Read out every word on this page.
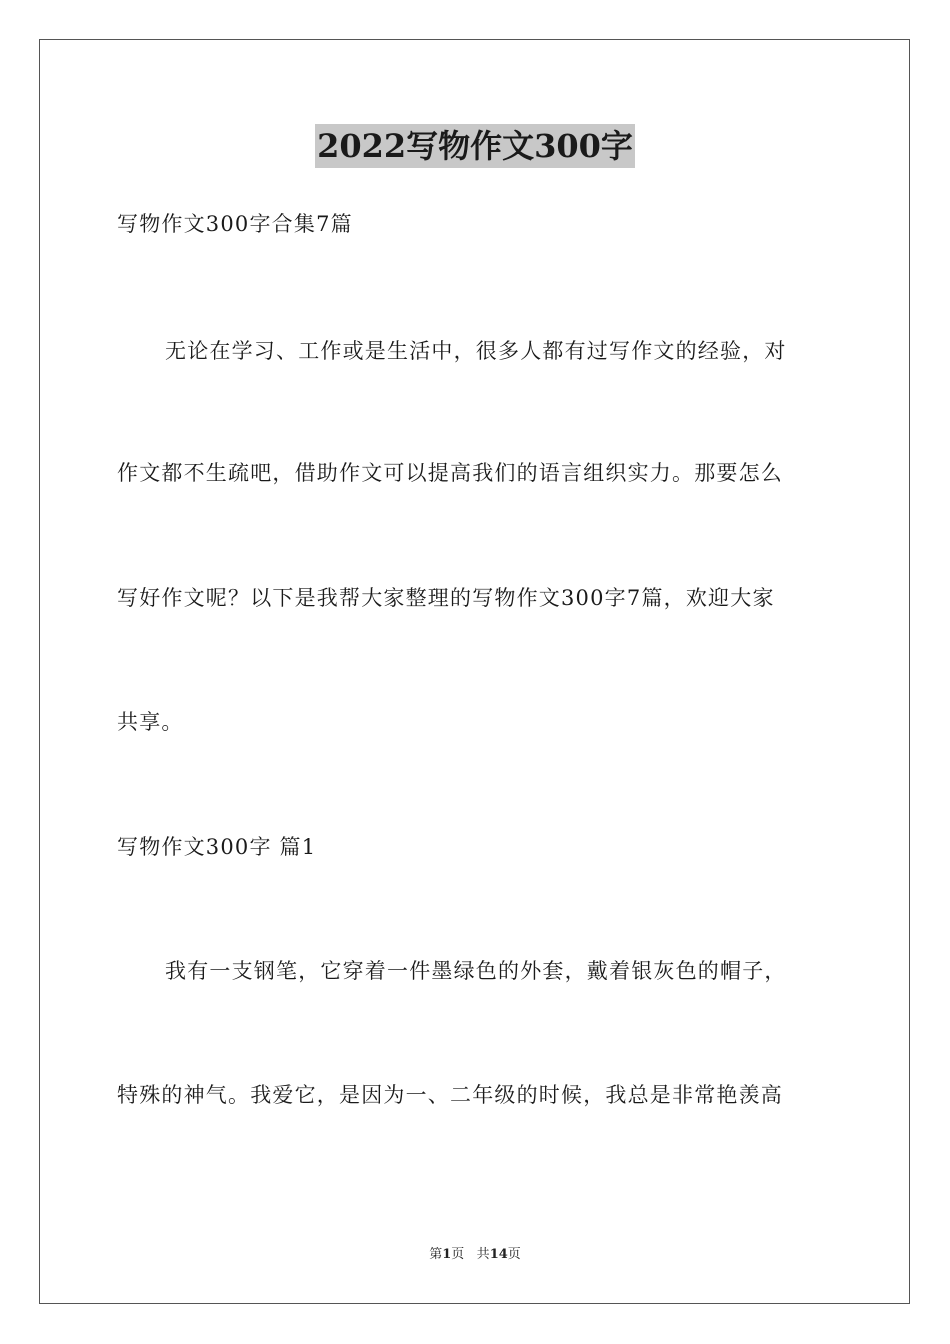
2022写物作文300字
写物作文300字合集7篇
无论在学习、工作或是生活中，很多人都有过写作文的经验，对
作文都不生疏吧，借助作文可以提高我们的语言组织实力。那要怎么
写好作文呢？以下是我帮大家整理的写物作文300字7篇，欢迎大家
共享。
写物作文300字 篇1
我有一支钢笔，它穿着一件墨绿色的外套，戴着银灰色的帽子，
特殊的神气。我爱它，是因为一、二年级的时候，我总是非常艳羡高
第1页 共14页
